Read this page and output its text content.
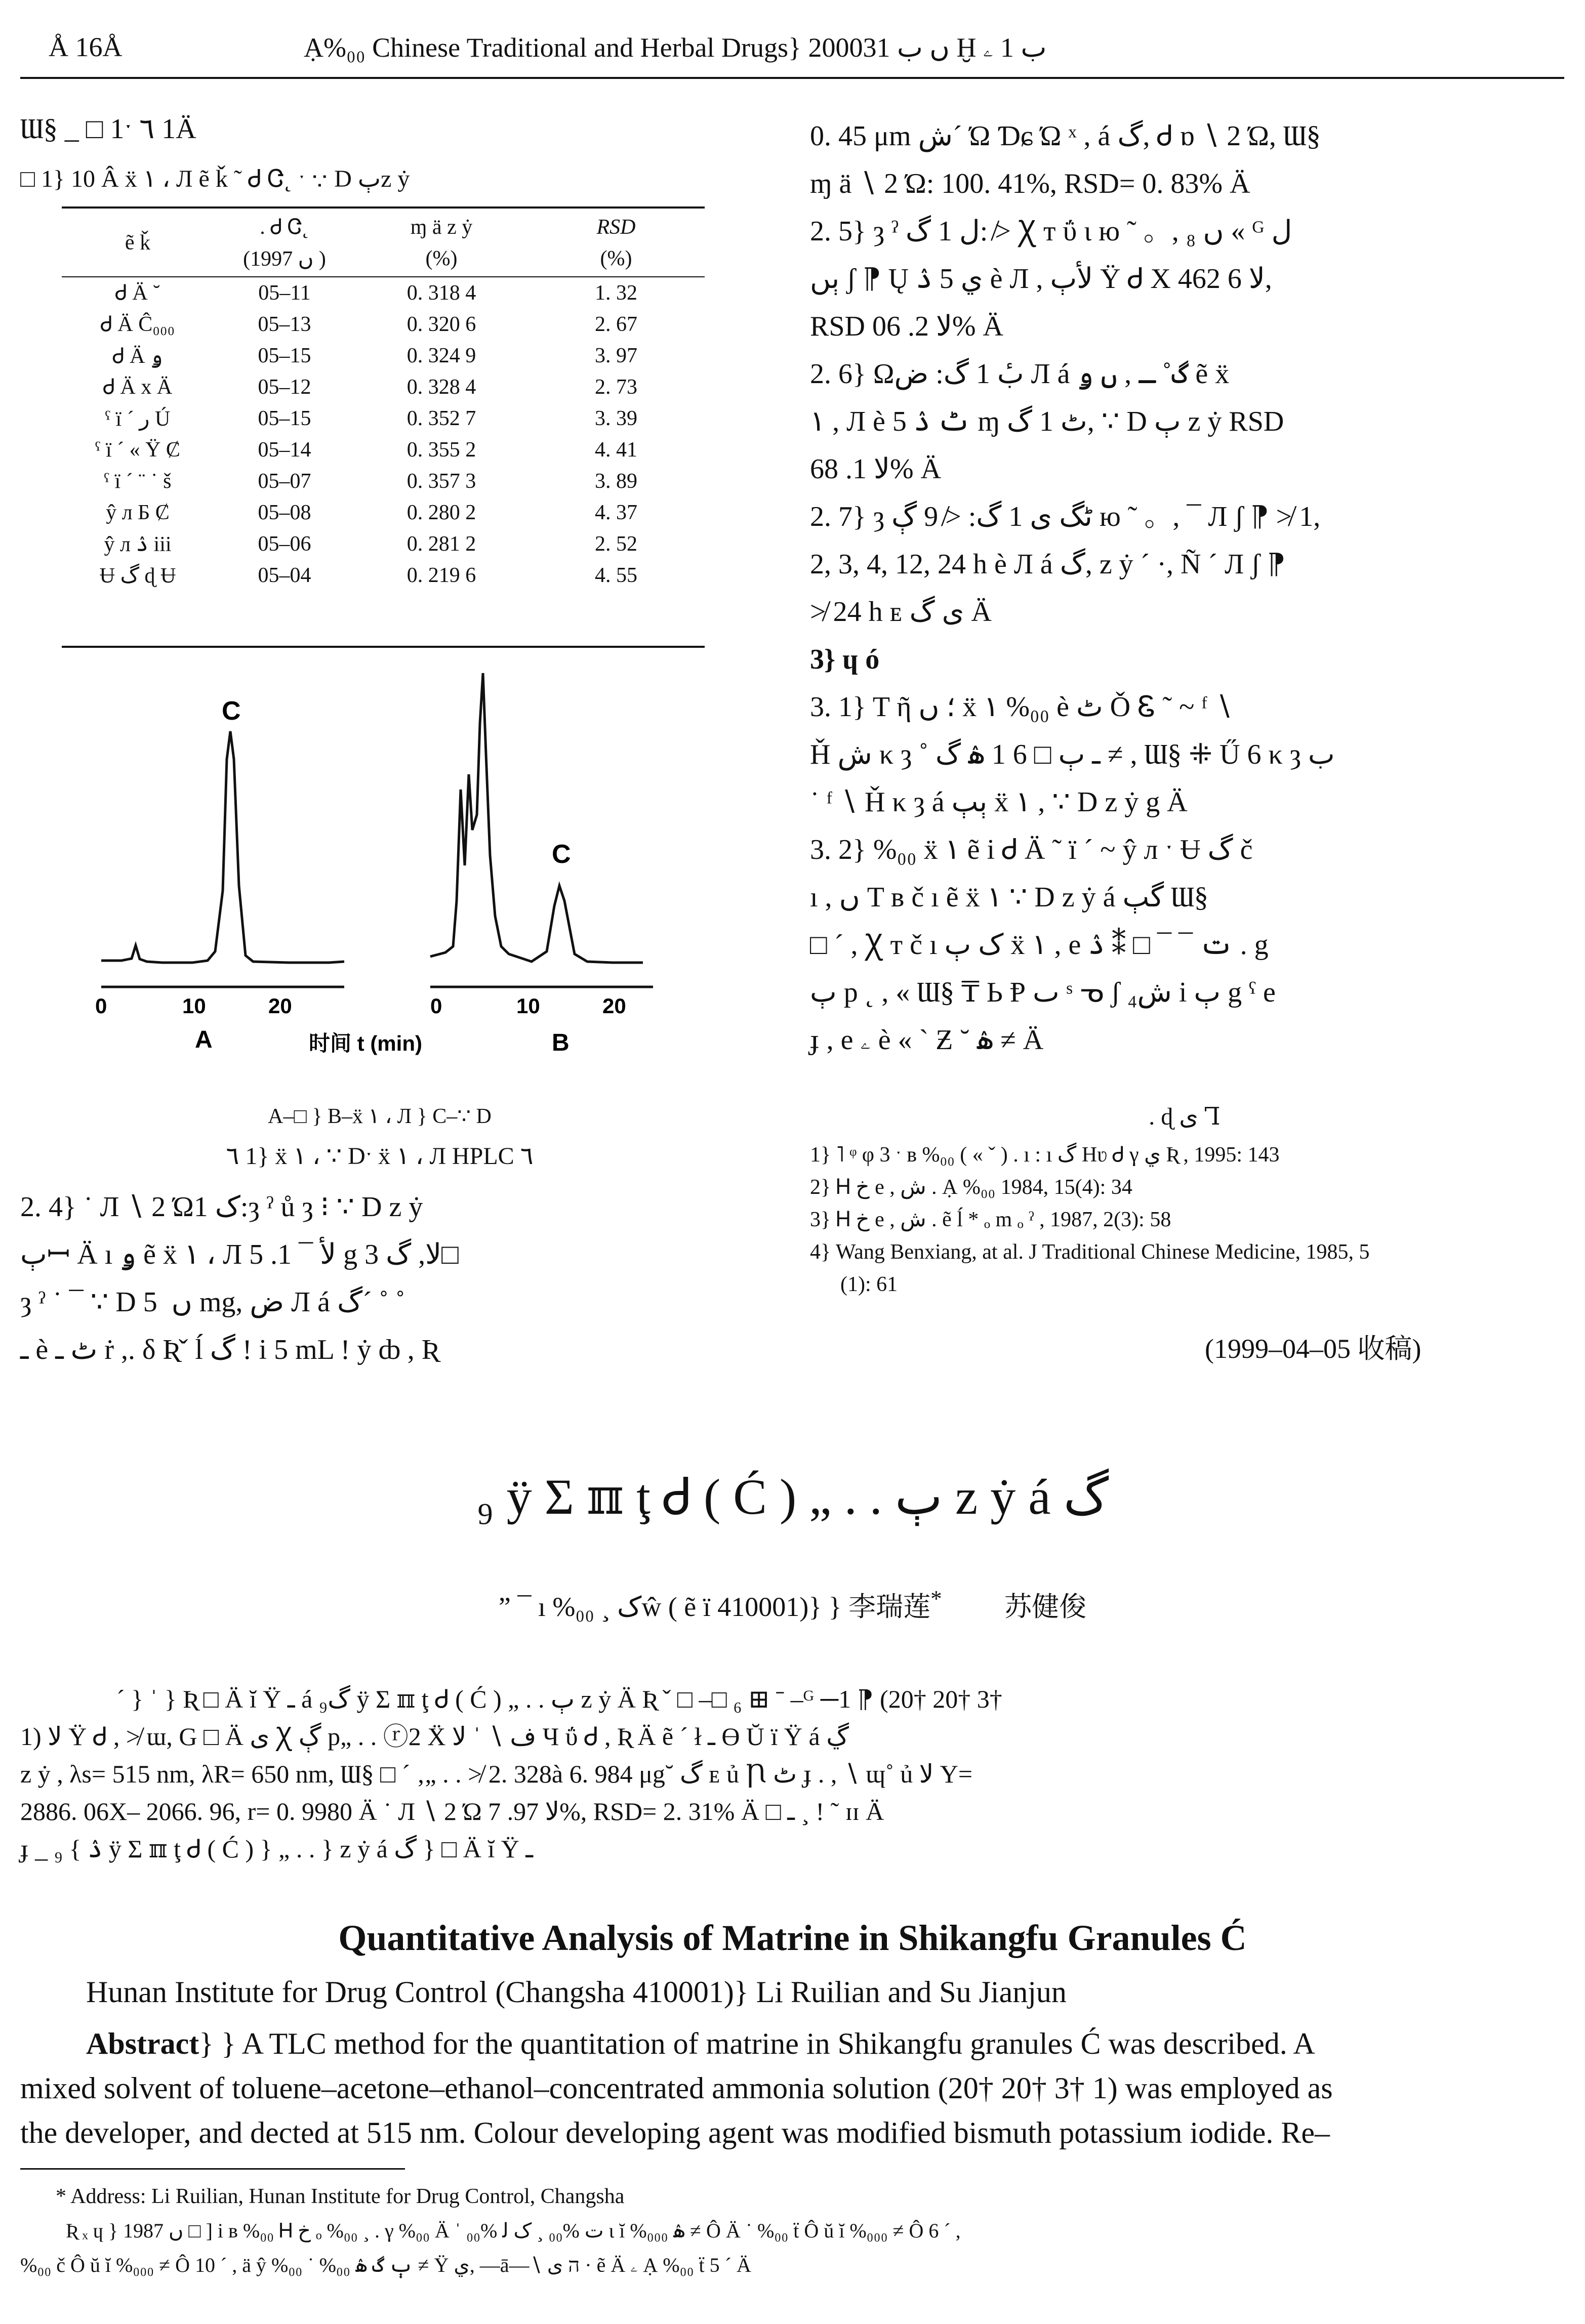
Å 16Å	Ạ%₀₀ Chinese Traditional and Herbal Drugs} 2000ں ب 31 Ḫ ب 1 ۦ
Ɯ§ _ □ 1ˑ ٦ 1Ä
□ 1} 10 Â ẍ ۱ ، Л ẽ ǩ ˜ Ꮷ Ꮳ˛ ˑ ∵ D ٻz ẏ
ẽ ǩ	. Ꮷ Ꮳ˛	ɱ ä z ẏ	RSD
	(1997 ں )	(%)	(%)
Ꮷ Ä ˘	05–11	0. 318 4	1. 32
Ꮷ Ä Ĉ₀₀₀	05–13	0. 320 6	2. 67
Ꮷ Ä ۅ	05–15	0. 324 9	3. 97
Ꮷ Ä x Ä	05–12	0. 328 4	2. 73
ˁ ï ´ ر Ú	05–15	0. 352 7	3. 39
ˁ ï ´ « Ÿ Ȼ	05–14	0. 355 2	4. 41
ˁ ï ´ ¨ ˙ š	05–07	0. 357 3	3. 89
ŷ л Б Ȼ	05–08	0. 280 2	4. 37
ŷ л ۮ iii	05–06	0. 281 2	2. 52
Ʉ گ ɖ Ʉ	05–04	0. 219 6	4. 55
C
C
0	10	20	0	10	20
A	时间 t (min)	B
A–□ } B–ẍ ۱ ، Л } C–∵ D
٦ 1} ẍ ۱ ، ∵ Dˑ ẍ ۱ ، Л HPLC ٦

2. 4} ˙ Л ∖ 2 Ώ1 ک:ȝ ˀ ů ȝ ⁝ ∵ D z ẏ

ٻꟷ Ä ı ۅ ẽ ẍ ۱ ، Л ﻷ ¯ 1. 5 g 3 ﻻ, گ□

ȝ ˀ ˙ ¯ ∵ D ں ‌ 5 mg, ض Л á گ´ ˚ ˚

ـ è ٹ ـ ṙ ,. δ Ʀˇ ĺ گ ! i 5 mL ! ẏ ȸ , Ʀ

0. 45 μm ش´ Ώ Ɗɕ Ώ ˣ , á گ, Ꮷ ɒ ∖ 2 Ώ, Ɯ§

ɱ ä ∖ 2 Ώ: 100. 41%, RSD= 0. 83% Ä

2. 5} ȝ ˀ ل 1 گ: ≯ Ꭓ т ΰ ɩ ю ˜ 。, ں ₈ « ᴳ ل

ٻں ʃ ⁋ Ų ي 5 ۮ è Л , ﻷٻ Ÿ Ꮷ X ﻻ 6 462,

RSD ﻻ 2. 06% Ä

2. 6} Ωبٔ 1 گ: ض Л á گ˚ ـ , ں ۅ ẽ ẍ

۱ , Л è ٹ ۮ 5 ɱ ٹ 1 گ, ∵ D ٻ z ẏ RSD

ﻻ 1. 68% Ä

2. 7} ȝ ٹگ ى 1 گ: ≯ 9 ڳ ю ˜ 。, ¯ Л ʃ ⁋ ≯ 1,

2, 3, 4, 12, 24 h è Л á گ, z ẏ ´ ·, Ñ ´ Л ʃ ⁋

≯ 24 h ᴇ ى گ Ä

3} ɥ ó

3. 1} T ῆ ؛ ں ẍ ۱ %₀₀ è ٹ Ǒ Ꮛ ˜ ~ ᶠ ∖

Ȟ ش κ ȝ ˚ ـ ٻ □ 6 1 ۿ گ ≠ , Ɯ§ ⁜ Ű 6 κ ȝ ب

˙ ᶠ ∖ Ȟ κ ȝ á ٻٻ ẍ ۱ , ∵ D z ẏ g Ä

3. 2} %₀₀ ẍ ۱ ẽ i Ꮷ Ä ˜ ï ´ ~ ŷ л ˑ Ʉ گ č

ı , ں T ʙ č ı ẽ ẍ ۱ ∵ D z ẏ á گٻ Ɯ§

□ ´ , Ꭓ т č ı ک ٻ ẍ ۱ , e ت ¯ ¯ □ ⁑ ۮ . g

ٻ p ˛ , « Ɯ§ ₸ Ь Ᵽ ٮ ˢ ᓀ ʃ ش₄ i ٻ g ˁ e

ɟ , e ۦ è « ˋ Ƶ ˘ ۿ ≠ Ä

. ɖ ى Ꞁ

1} ˥ ᵠ φ 3 ˑ ʙ %₀₀ ( « ˇ ) . ı : ı گ Hʋ Ꮷ γ ي Ʀ , 1995: 143

2} Ꮋ خ e , ش . Ạ %₀₀ 1984, 15(4): 34

3} Ꮋ خ e , ش . ẽ ĺ * ₒ m ₒ ˀ , 1987, 2(3): 58

4} Wang Benxiang, at al. J Traditional Chinese Medicine, 1985, 5

(1): 61

(1999–04–05 收稿)
₉ ÿ Σ ℼ ţ Ꮷ ( Ć ) „ . . ٻ z ẏ á گ
” ¯ ı %₀₀ ¸ کŵ ( ẽ ï 410001)} } 李瑞莲* 苏健俊

ˊ } ˈ } Ʀ □ Ä ĭ Ÿ ـ á گ₉ ÿ Σ ℼ ţ Ꮷ ( Ć ) „ . . ٻ z ẏ Ä Ʀ ˇ □ –□ ₆ ⊞ ˉ –ᴳ ─1 ⁋ (20† 20† 3†

1) ﻻ Ÿ Ꮷ , ≯ ɯ, G □ Ä ى Ꭓ ڳ p„ . . ⓡ2 Ẍ ف ∖ ˈ ﻻ Ч ΰ Ꮷ , Ʀ Ä ẽ ˊ ł ـ Ɵ Ŭ ï Ÿ á ڲ

z ẏ , λs= 515 nm, λR= 650 nm, Ɯ§ □ ´ ‚„ . . ≯ 2. 328à 6. 984 μg˘ گ ᴇ ủ Ꞃ ٹ ɟ . , ∖ ɰ˚ ủ ﻻ Y=

2886. 06X– 2066. 96, r= 0. 9980 Ä ˙ Л ∖ 2 Ώ ﻻ 97. 7%, RSD= 2. 31% Ä □ ـ ¸ ! ˜ ɪɪ Ä

ɟ _ ۮ } ₉ ÿ Σ ℼ ţ Ꮷ ( Ć ) } „ . . } z ẏ á گ } □ Ä ĭ Ÿ ـ

Quantitative Analysis of Matrine in Shikangfu Granules Ć
Hunan Institute for Drug Control (Changsha 410001)} Li Ruilian and Su Jianjun

Abstract} } A TLC method for the quantitation of matrine in Shikangfu granules Ć was described. A

mixed solvent of toluene–acetone–ethanol–concentrated ammonia solution (20† 20† 3† 1) was employed as

the developer, and dected at 515 nm. Colour developing agent was modified bismuth potassium iodide. Re–

* Address: Li Ruilian, Hunan Institute for Drug Control, Changsha
Ʀ ₓ ɥ } 1987 ں □ ] i ʙ %₀₀ Ꮋ خ ₒ %₀₀ ¸ . γ %₀₀ Ä ˈ ت %₀₀ ¸ ک ﻟ %₀₀ ɩ ĭ %₀₀₀ ۿ ≠ Ô Ä ˙ %₀₀ ẗ Ô ŭ ĭ %₀₀₀ ≠ Ô 6 ´ ,
%₀₀ č Ô ŭ ĭ %₀₀₀ ≠ Ô 10 ´ , ä ŷ %₀₀ ˙ %₀₀ ٻ گ ۿ ≠ Ÿ ي, —ā—∖ ה ى · ẽ Ä ۦ Ạ %₀₀ ẗ 5 ´ Ä
